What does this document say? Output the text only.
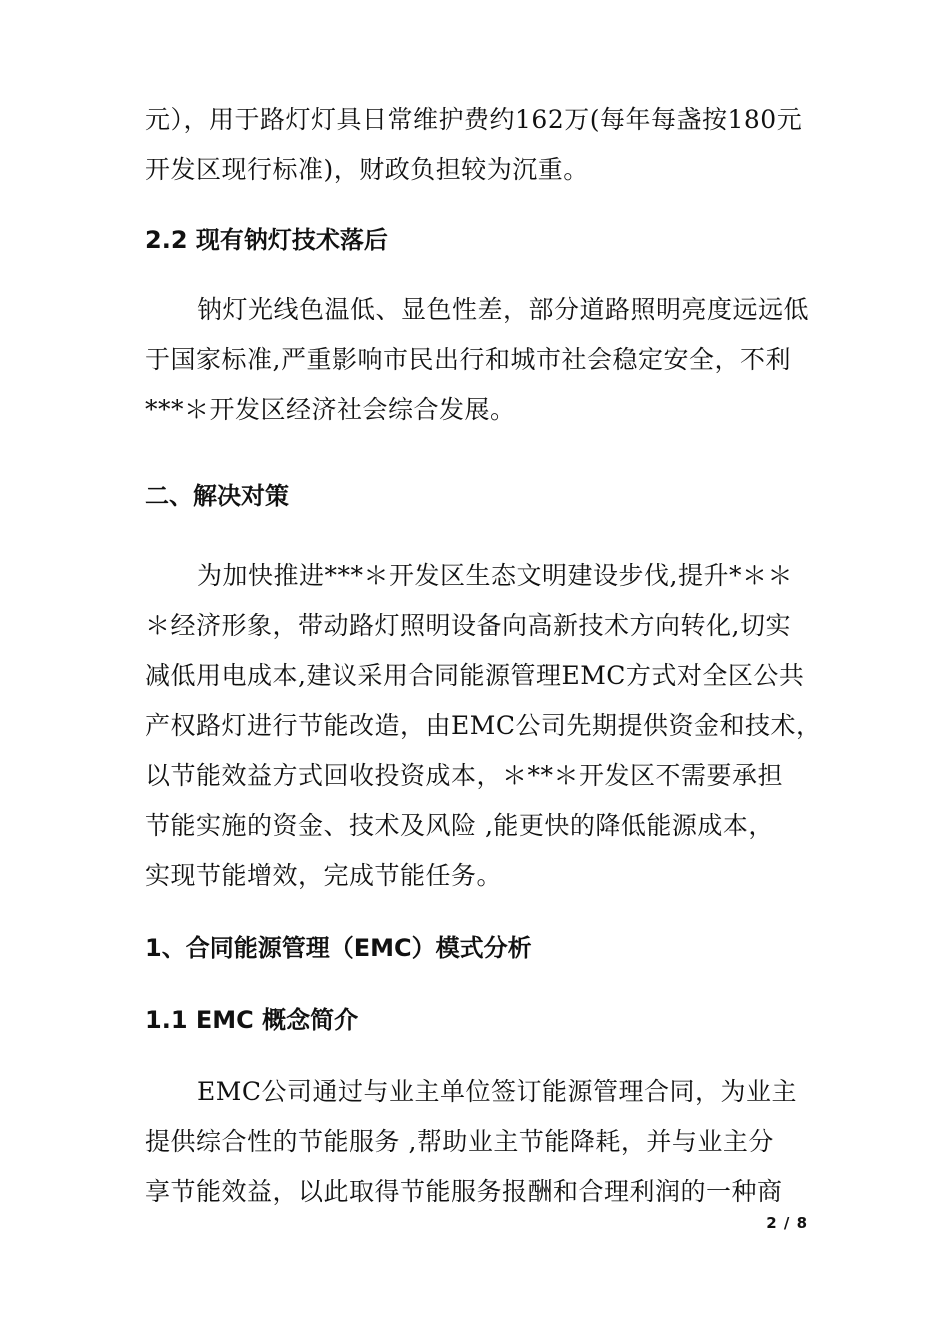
元），用于路灯灯具日常维护费约162万(每年每盏按180元
开发区现行标准)，财政负担较为沉重。

2.2 现有钠灯技术落后

钠灯光线色温低、显色性差，部分道路照明亮度远远低
于国家标准,严重影响市民出行和城市社会稳定安全，不利
***＊开发区经济社会综合发展。

二、解决对策

为加快推进***＊开发区生态文明建设步伐,提升*＊＊
＊经济形象，带动路灯照明设备向高新技术方向转化,切实
减低用电成本,建议采用合同能源管理EMC方式对全区公共
产权路灯进行节能改造，由EMC公司先期提供资金和技术，
以节能效益方式回收投资成本，＊**＊开发区不需要承担
节能实施的资金、技术及风险 ,能更快的降低能源成本，
实现节能增效，完成节能任务。

1、合同能源管理（EMC）模式分析
1.1 EMC 概念简介

EMC公司通过与业主单位签订能源管理合同，为业主
提供综合性的节能服务 ,帮助业主节能降耗，并与业主分
享节能效益，以此取得节能服务报酬和合理利润的一种商

2 / 8
